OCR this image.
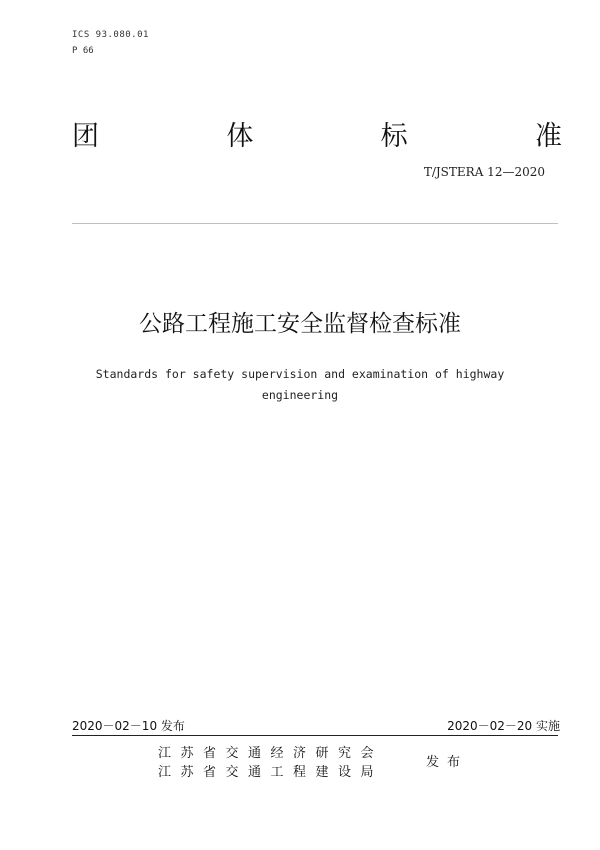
ICS 93.080.01
P 66
团	体	标	准
T/JSTERA 12—2020
公路工程施工安全监督检查标准
Standards for safety supervision and examination of highway
engineering
2020－02－10 发布	2020－02－20 实施
江苏省交通经济研究会
江苏省交通工程建设局
发布
